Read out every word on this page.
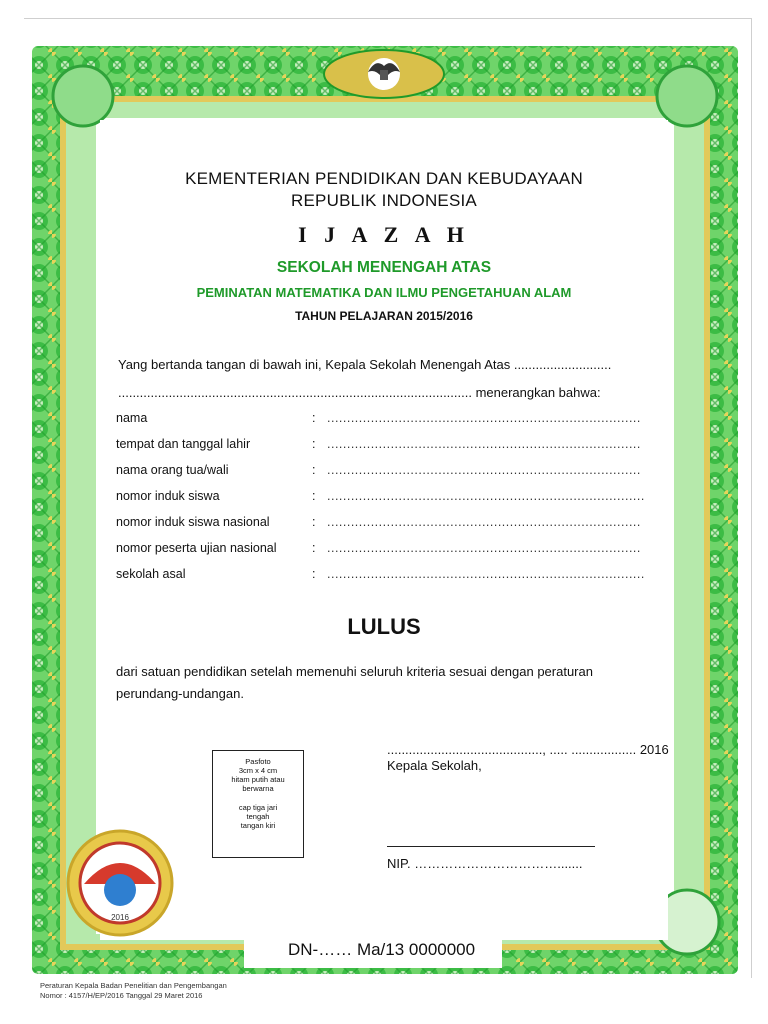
KEMENTERIAN PENDIDIKAN DAN KEBUDAYAAN
REPUBLIK INDONESIA
I J A Z A H
SEKOLAH MENENGAH ATAS
PEMINATAN MATEMATIKA DAN ILMU PENGETAHUAN ALAM
TAHUN PELAJARAN 2015/2016
Yang bertanda tangan di bawah ini, Kepala Sekolah Menengah Atas ...........................
.................................................................................................. menerangkan bahwa:
nama	: ...............................................................................
tempat dan tanggal lahir	: ...............................................................................
nama orang tua/wali	: ...............................................................................
nomor induk siswa	: ................................................................................
nomor induk siswa nasional	: ...............................................................................
nomor peserta ujian nasional	: ...............................................................................
sekolah asal	: ................................................................................
LULUS
dari satuan pendidikan setelah memenuhi seluruh kriteria sesuai dengan peraturan
perundang-undangan.
Pasfoto
3cm x 4 cm
hitam putih atau
berwarna
cap tiga jari
tengah
tangan kiri
..........................................., ..... .................. 2016
Kepala Sekolah,
NIP. …………………………….......
2016
DN-…… Ma/13 0000000
Peraturan Kepala Badan Penelitian dan Pengembangan
Nomor : 4157/H/EP/2016 Tanggal 29 Maret 2016
